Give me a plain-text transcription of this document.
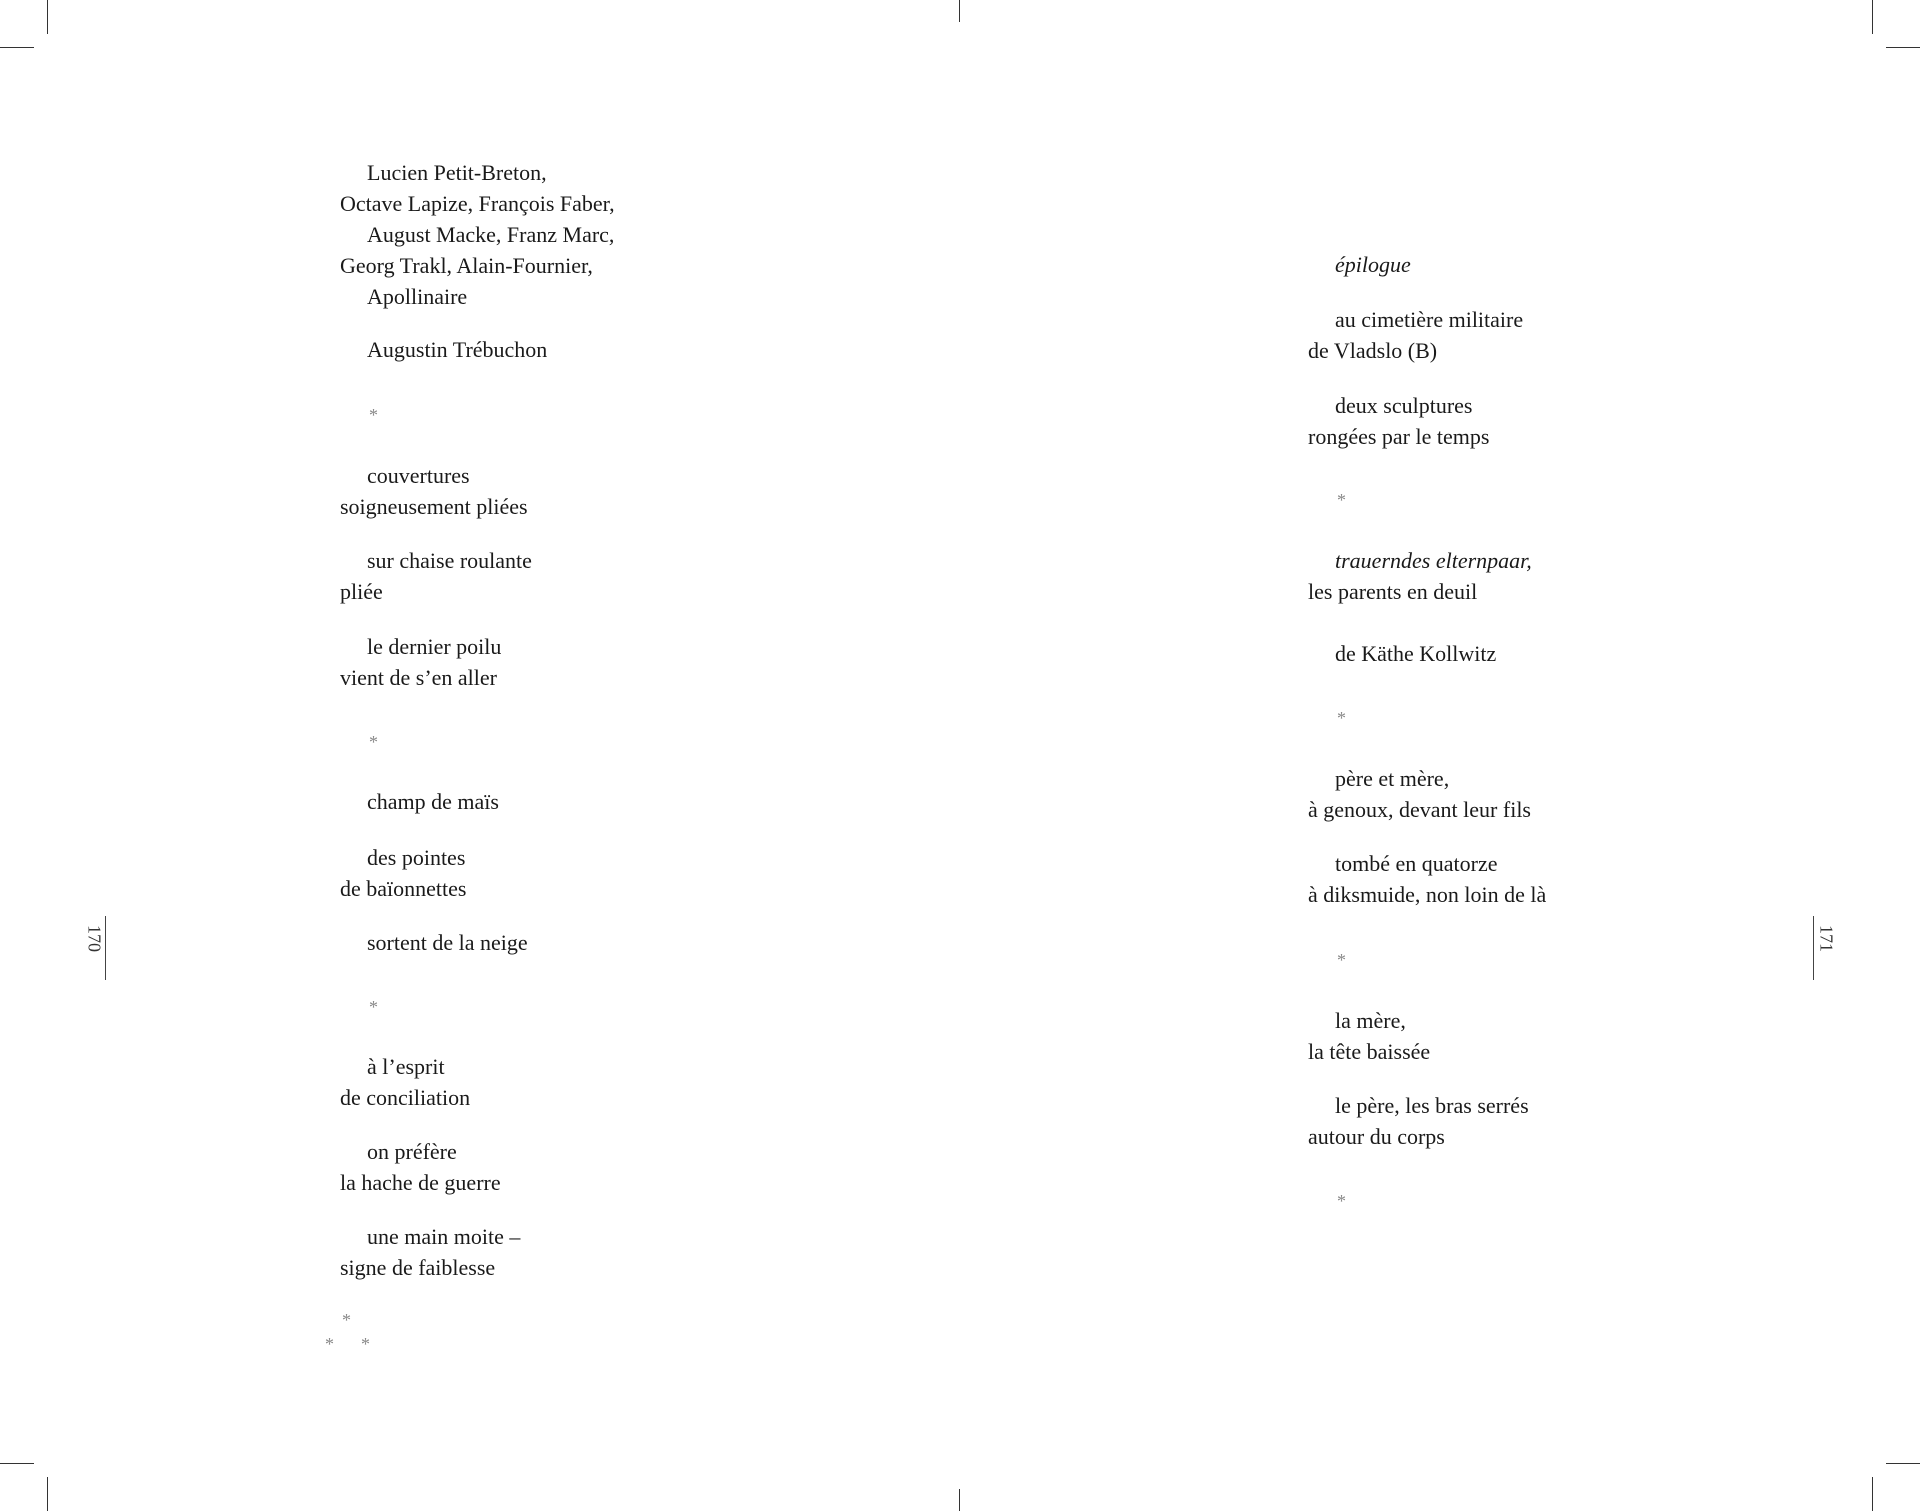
170
Lucien Petit-Breton,
Octave Lapize, François Faber,
August Macke, Franz Marc,
Georg Trakl, Alain-Fournier,
Apollinaire
Augustin Trébuchon
*
couvertures
soigneusement pliées
sur chaise roulante
pliée
le dernier poilu
vient de s’en aller
*
champ de maïs
des pointes
de baïonnettes
sortent de la neige
*
à l’esprit
de conciliation
on préfère
la hache de guerre
une main moite –
signe de faiblesse
*
* *
171
épilogue
au cimetière militaire
de Vladslo (B)
deux sculptures
rongées par le temps
*
trauerndes elternpaar,
les parents en deuil
de Käthe Kollwitz
*
père et mère,
à genoux, devant leur fils
tombé en quatorze
à diksmuide, non loin de là
*
la mère,
la tête baissée
le père, les bras serrés
autour du corps
*
